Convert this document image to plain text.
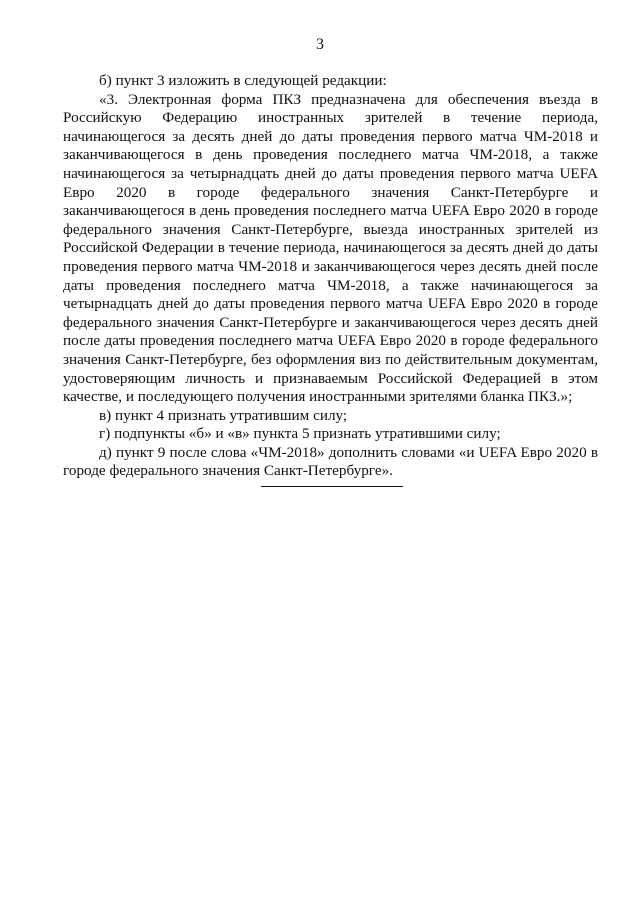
3

б) пункт 3 изложить в следующей редакции:

«3. Электронная форма ПКЗ предназначена для обеспечения въезда в Российскую Федерацию иностранных зрителей в течение периода, начинающегося за десять дней до даты проведения первого матча ЧМ-2018 и заканчивающегося в день проведения последнего матча ЧМ-2018, а также начинающегося за четырнадцать дней до даты проведения первого матча UEFA Евро 2020 в городе федерального значения Санкт-Петербурге и заканчивающегося в день проведения последнего матча UEFA Евро 2020 в городе федерального значения Санкт-Петербурге, выезда иностранных зрителей из Российской Федерации в течение периода, начинающегося за десять дней до даты проведения первого матча ЧМ-2018 и заканчивающегося через десять дней после даты проведения последнего матча ЧМ-2018, а также начинающегося за четырнадцать дней до даты проведения первого матча UEFA Евро 2020 в городе федерального значения Санкт-Петербурге и заканчивающегося через десять дней после даты проведения последнего матча UEFA Евро 2020 в городе федерального значения Санкт-Петербурге, без оформления виз по действительным документам, удостоверяющим личность и признаваемым Российской Федерацией в этом качестве, и последующего получения иностранными зрителями бланка ПКЗ.»;

в) пункт 4 признать утратившим силу;

г) подпункты «б» и «в» пункта 5 признать утратившими силу;

д) пункт 9 после слова «ЧМ-2018» дополнить словами «и UEFA Евро 2020 в городе федерального значения Санкт-Петербурге».
